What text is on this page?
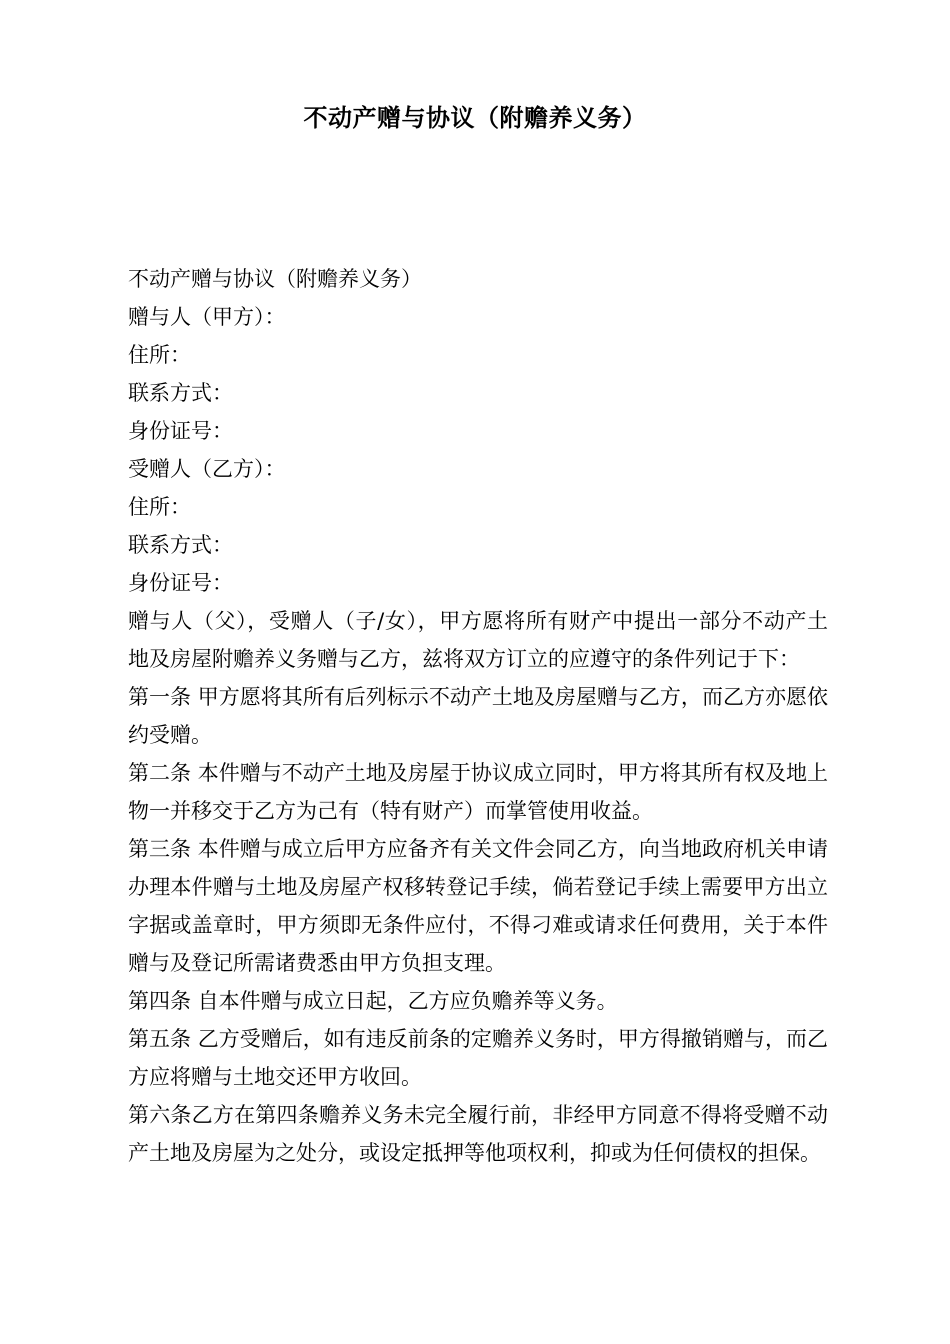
不动产赠与协议（附赡养义务）

不动产赠与协议（附赡养义务）

赠与人（甲方）：

住所：

联系方式：

身份证号：

受赠人（乙方）：

住所：

联系方式：

身份证号：

赠与人（父），受赠人（子/女），甲方愿将所有财产中提出一部分不动产土地及房屋附赡养义务赠与乙方，兹将双方订立的应遵守的条件列记于下：

第一条 甲方愿将其所有后列标示不动产土地及房屋赠与乙方，而乙方亦愿依约受赠。

第二条 本件赠与不动产土地及房屋于协议成立同时，甲方将其所有权及地上物一并移交于乙方为己有（特有财产）而掌管使用收益。

第三条 本件赠与成立后甲方应备齐有关文件会同乙方，向当地政府机关申请办理本件赠与土地及房屋产权移转登记手续，倘若登记手续上需要甲方出立字据或盖章时，甲方须即无条件应付，不得刁难或请求任何费用，关于本件赠与及登记所需诸费悉由甲方负担支理。

第四条 自本件赠与成立日起，乙方应负赡养等义务。

第五条 乙方受赠后，如有违反前条的定赡养义务时，甲方得撤销赠与，而乙方应将赠与土地交还甲方收回。

第六条乙方在第四条赡养义务未完全履行前，非经甲方同意不得将受赠不动产土地及房屋为之处分，或设定抵押等他项权利，抑或为任何债权的担保。
